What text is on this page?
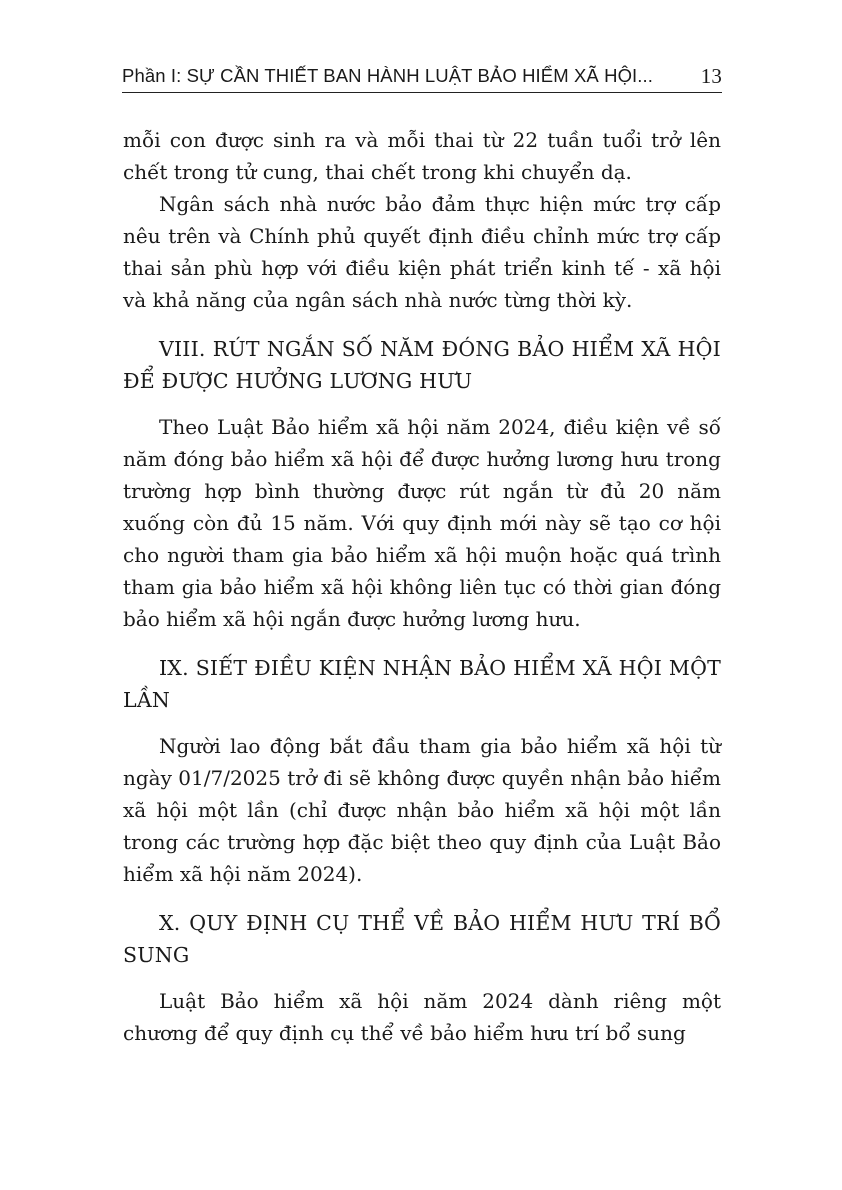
Phần I: SỰ CẦN THIẾT BAN HÀNH LUẬT BẢO HIỂM XÃ HỘI... 13

mỗi con được sinh ra và mỗi thai từ 22 tuần tuổi trở lên chết trong tử cung, thai chết trong khi chuyển dạ.

Ngân sách nhà nước bảo đảm thực hiện mức trợ cấp nêu trên và Chính phủ quyết định điều chỉnh mức trợ cấp thai sản phù hợp với điều kiện phát triển kinh tế - xã hội và khả năng của ngân sách nhà nước từng thời kỳ.

VIII. RÚT NGẮN SỐ NĂM ĐÓNG BẢO HIỂM XÃ HỘI ĐỂ ĐƯỢC HƯỞNG LƯƠNG HƯU

Theo Luật Bảo hiểm xã hội năm 2024, điều kiện về số năm đóng bảo hiểm xã hội để được hưởng lương hưu trong trường hợp bình thường được rút ngắn từ đủ 20 năm xuống còn đủ 15 năm. Với quy định mới này sẽ tạo cơ hội cho người tham gia bảo hiểm xã hội muộn hoặc quá trình tham gia bảo hiểm xã hội không liên tục có thời gian đóng bảo hiểm xã hội ngắn được hưởng lương hưu.

IX. SIẾT ĐIỀU KIỆN NHẬN BẢO HIỂM XÃ HỘI MỘT LẦN

Người lao động bắt đầu tham gia bảo hiểm xã hội từ ngày 01/7/2025 trở đi sẽ không được quyền nhận bảo hiểm xã hội một lần (chỉ được nhận bảo hiểm xã hội một lần trong các trường hợp đặc biệt theo quy định của Luật Bảo hiểm xã hội năm 2024).

X. QUY ĐỊNH CỤ THỂ VỀ BẢO HIỂM HƯU TRÍ BỔ SUNG

Luật Bảo hiểm xã hội năm 2024 dành riêng một chương để quy định cụ thể về bảo hiểm hưu trí bổ sung
